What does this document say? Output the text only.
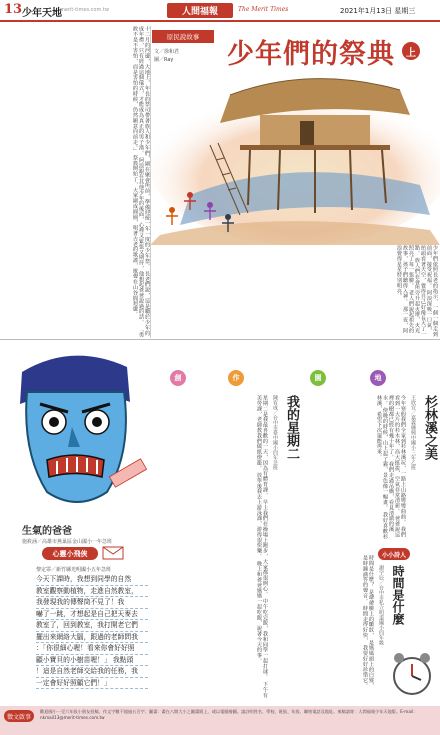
13 少年天地
merit-times.com.tw	人間福報	The Merit Times	2021年1月13日 星期三
十二月的河邊，大地上，年長的祭司帶著族人和少年們，圍在聚會所前，準備迎接一年一度的少年祭。 長老們說，這是屬於少年的成年禮，只有經過這個儀式，才能成為真正的男子漢。 阿浪跟在其他少年的後面，心裡又緊張又期待，他想起爸爸說過的話。 「勇敢不是不害怕，而是害怕的時候，仍然願意向前走。」 祭典開始了，大家圍成圓圈，唱著古老的歌謠，歌聲在山谷間迴盪。
原民說故事
文／徐和君
圖／Ray 少年們的祭典	上
少年們依照長老的指示，一個一個走到前面，接受祝福。 阿浪深吸一口氣，抬頭看著天空，覺得自己好像長大了一點。 族人們在會所旁升起火堆，火光照亮了每一張臉。 老人們說起祖先的故事，孩子們聽得入神。 那一夜，阿浪覺得星星特別明亮。
生氣的爸爸
施筱涵／高雄市燕巢區金山國小一年急班
心靈小飛俠
黎定霏／新竹縣光明國小五年急班
今天下課時，我想到同學的自然
教室觀察動植物，走進自然教室，
我發現我的傳聲筒不見了！我
嚇了一跳，才想起是自己把天麥去
教室了，回到教室，我打開老它們
擺出來網絡大腦，跟過的老師問我
：「你很細心喔！看來你會好好照
顧小寶貝的小樹苗喔！」 我點頭
！這是自然老師交給我的任務，我
一定會好好照顧它們！」
創	作	園	地
杉林溪之美
王欣宜／嘉義縣興中國小三年乙班
今年寒假我們全家到杉林溪玩，一路上山路彎彎曲曲。 我們看到一大片的杉木林，高大挺拔，空氣非常清新。 爸爸說這裡的樹都已經有幾十年了。 我們走過吊橋，看見清澈的溪水。 傍晚的時候，山上起了霧，景色像一幅畫。 我好喜歡杉林溪，希望下次還能再來。
我的星期二
陳宥成／台中市臺中國小四年急班
星期二是我最喜歡的一天，因為有體育課。 早上我們在操場上跑步，大家都很開心。 中午吃完飯，我和同學一起打球。 下午有美勞課，老師教我們做紙燈籠。 放學後我去上游泳課，游得很快樂。 晚上和爸爸媽媽一起吃飯，說著今天的事。
小小詩人
時間是什麼
謝宇辰／台中市私立明道國小四年級
時間是什麼？ 是爺爺臉上的皺紋， 是媽媽頭上的白髮， 是時鐘滴答的聲音。 時間走得好快， 我要好好珍惜它。
徵文啟事
歡迎國小一至六年級小朋友投稿，作文字數不超過五百字；圖畫：畫在八開大小之圖畫紙上，或以電腦繪圖。請註明姓名、學校、班級、年級、聯絡電話及地址。來稿請寄：人間福報少年天地版。E-mail：nkmail13@merit-times.com.tw
